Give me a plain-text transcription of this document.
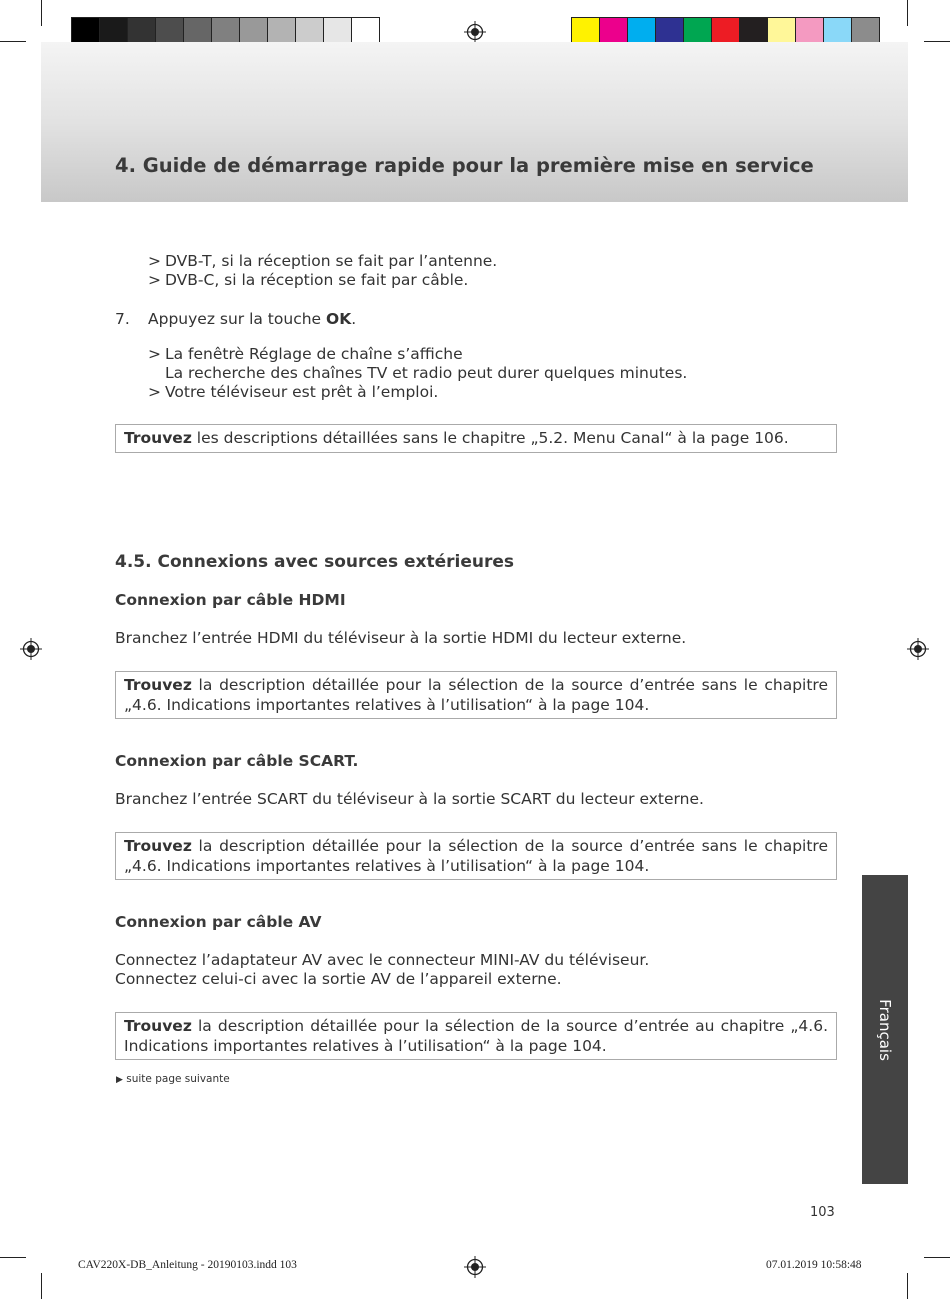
4. Guide de démarrage rapide pour la première mise en service
> DVB-T, si la réception se fait par l’antenne.
> DVB-C, si la réception se fait par câble.
7. Appuyez sur la touche OK.
> La fenêtrè Réglage de chaîne s’affiche
La recherche des chaînes TV et radio peut durer quelques minutes.
> Votre téléviseur est prêt à l’emploi.
Trouvez les descriptions détaillées sans le chapitre „5.2. Menu Canal“ à la page 106.
4.5. Connexions avec sources extérieures
Connexion par câble HDMI
Branchez l’entrée HDMI du téléviseur à la sortie HDMI du lecteur externe.
Trouvez la description détaillée pour la sélection de la source d’entrée sans le chapitre „4.6. Indications importantes relatives à l’utilisation“ à la page 104.
Connexion par câble SCART.
Branchez l’entrée SCART du téléviseur à la sortie SCART du lecteur externe.
Trouvez la description détaillée pour la sélection de la source d’entrée sans le chapitre „4.6. Indications importantes relatives à l’utilisation“ à la page 104.
Connexion par câble AV
Connectez l’adaptateur AV avec le connecteur MINI-AV du téléviseur.
Connectez celui-ci avec la sortie AV de l’appareil externe.
Trouvez la description détaillée pour la sélection de la source d’entrée au chapitre „4.6. Indications importantes relatives à l’utilisation“ à la page 104.
▶ suite page suivante
Français
103
CAV220X-DB_Anleitung - 20190103.indd 103	07.01.2019 10:58:48
